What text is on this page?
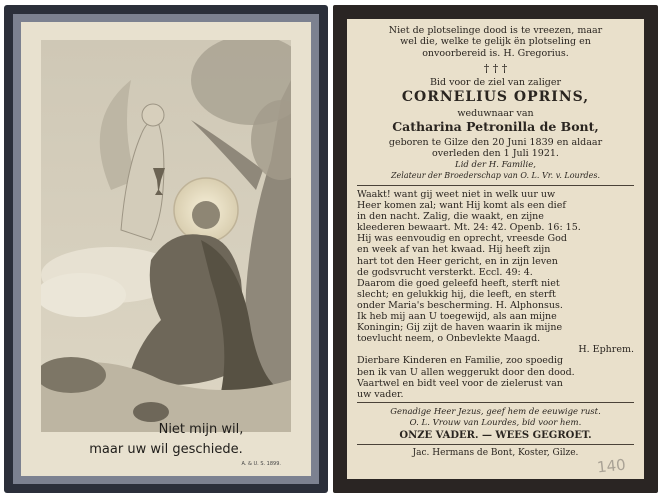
Niet mijn wil,
maar uw wil geschiede.
A. & U. S. 1899.
Niet de plotselinge dood is te vreezen, maar
wel die, welke te gelijk ën plotseling en
onvoorbereid is. H. Gregorius.
† † †
Bid voor de ziel van zaliger
CORNELIUS OPRINS,
weduwnaar van
Catharina Petronilla de Bont,
geboren te Gilze den 20 Juni 1839 en aldaar
overleden den 1 Juli 1921.
Lid der H. Familie,
Zelateur der Broederschap van O. L. Vr. v. Lourdes.
Waakt! want gij weet niet in welk uur uw
Heer komen zal; want Hij komt als een dief
in den nacht. Zalig, die waakt, en zijne
kleederen bewaart. Mt. 24: 42. Openb. 16: 15.
Hij was eenvoudig en oprecht, vreesde God
en week af van het kwaad. Hij heeft zijn
hart tot den Heer gericht, en in zijn leven
de godsvrucht versterkt. Eccl. 49: 4.
Daarom die goed geleefd heeft, sterft niet
slecht; en gelukkig hij, die leeft, en sterft
onder Maria's bescherming. H. Alphonsus.
Ik heb mij aan U toegewijd, als aan mijne
Koningin; Gij zijt de haven waarin ik mijne
toevlucht neem, o Onbevlekte Maagd.
H. Ephrem.
Dierbare Kinderen en Familie, zoo spoedig
ben ik van U allen weggerukt door den dood.
Vaartwel en bidt veel voor de zielerust van
uw vader.
Genadige Heer Jezus, geef hem de eeuwige rust.
O. L. Vrouw van Lourdes, bid voor hem.
ONZE VADER. — WEES GEGROET.
Jac. Hermans de Bont, Koster, Gilze.
140
